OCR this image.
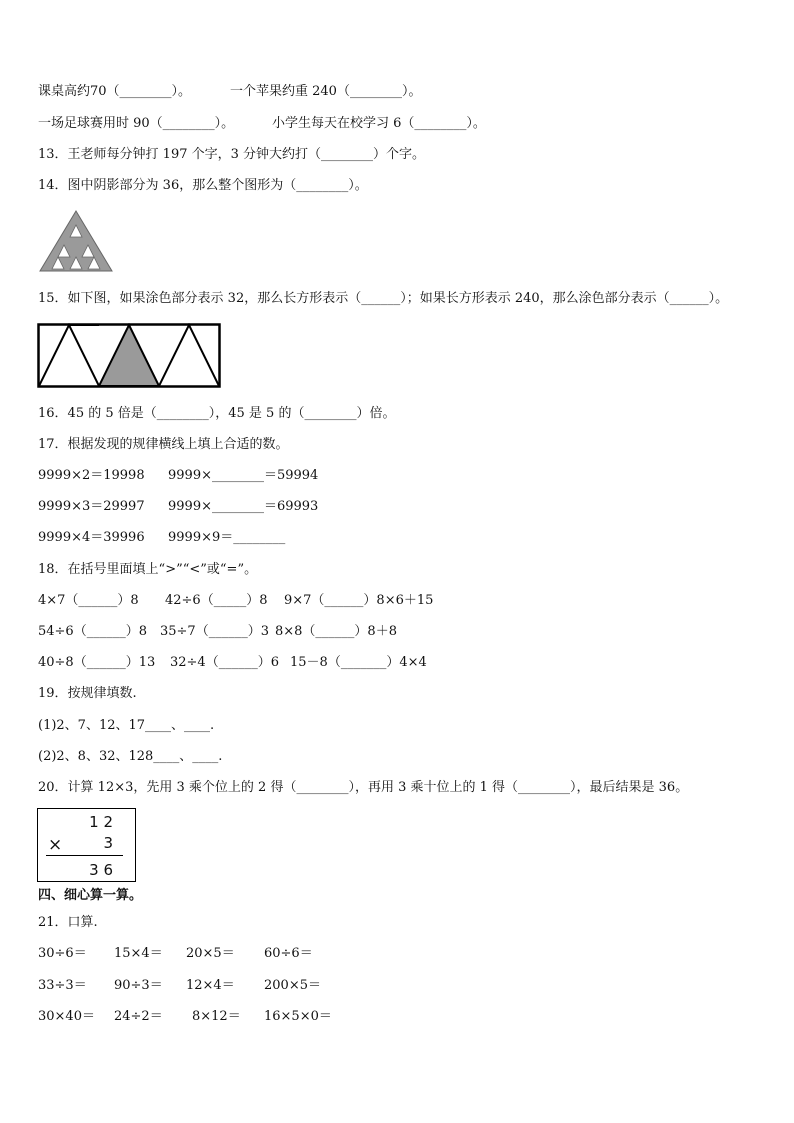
课桌高约70（________）。	一个苹果约重 240（________）。
一场足球赛用时 90（________）。	小学生每天在校学习 6（________）。
13．王老师每分钟打 197 个字，3 分钟大约打（________）个字。
14．图中阴影部分为 36，那么整个图形为（________）。
15．如下图，如果涂色部分表示 32，那么长方形表示（______）；如果长方形表示 240，那么涂色部分表示（______）。
16．45 的 5 倍是（________），45 是 5 的（________）倍。
17．根据发现的规律横线上填上合适的数。
9999×2＝19998 9999×________＝59994
9999×3＝29997 9999×________＝69993
9999×4＝39996 9999×9＝________
18．在括号里面填上“>”“<”或“=”。
4×7（______）8 42÷6（_____）8 9×7（______）8×6＋15
54÷6（______）8 35÷7（______）3 8×8（______）8＋8
40÷8（______）13 32÷4（______）6 15－8（_______）4×4
19．按规律填数.
(1)2、7、12、17____、____.
(2)2、8、32、128____、____.
20．计算 12×3，先用 3 乘个位上的 2 得（________），再用 3 乘十位上的 1 得（________），最后结果是 36。
1 2
×	3
3 6
四、细心算一算。
21．口算.
30÷6＝ 15×4＝ 20×5＝ 60÷6＝
33÷3＝ 90÷3＝ 12×4＝ 200×5＝
30×40＝ 24÷2＝ 8×12＝ 16×5×0＝
